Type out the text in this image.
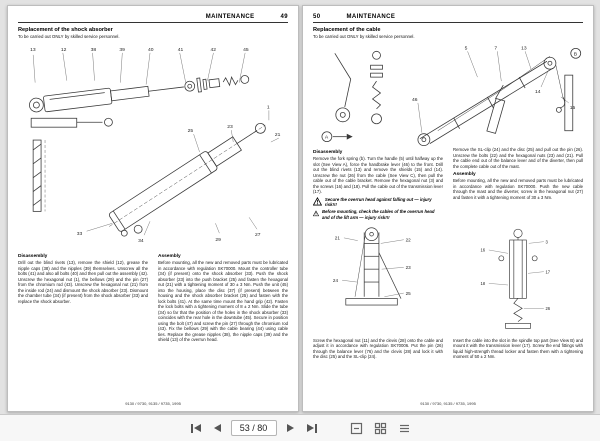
MAINTENANCE	49
Replacement of the shock absorber
To be carried out ONLY by skilled service personnel.
13	12	38	39	40	41	42	45
1
21
23
25
27
29
33
34
Disassembly
Drill out the blind rivets (13), remove the shield (12), grease the nipple caps (38) and the nipples (39) themselves. Unscrew all the bolts (41) and also all bolts (40) and then pull out the assembly (42). Unscrew the hexagonal nut (1), the bellows (29) and the pin (27) from the chromium rod (43). Unscrew the hexagonal nut (21) from the inside rod (24) and dismount the shock absorber (23). Dismount the chamber tube (34) (if present) from the shock absorber (33) and replace the shock absorber.
Assembly
Before mounting, all the new and removed parts must be lubricated in accordance with regulation SK70000. Mount the controller tube (34) (if present) onto the shock absorber (33). Push the shock absorber (23) into the push bracket (25) and fasten the hexagonal nut (21) with a tightening moment of 30 ± 3 Nm. Push the unit (45) into the housing, place the disc (37) (if present) between the housing and the shock absorber bracket (25) and fasten with the lock bolts (41). At the same time mount the hand grip (42). Fasten the lock bolts with a tightening moment of 8 ± 2 Nm. Slide the tube (34) so far that the position of the holes in the shock absorber (33) coincides with the rear hole in the downtube (45). Secure in position using the bolt (47) and screw the pin (27) through the chromium rod (43). Fix the bellows (29) with the cable bearing (44) using cable ties. Replace the grease nipples (38), the nipple caps (39) and the shield (13) of the overrun head.
9130 / 9730, 9135 / 9735, 1995
50	MAINTENANCE
Replacement of the cable
To be carried out ONLY by skilled service personnel.
A
5	7	13
14
15
46
B
Disassembly
Remove the fork spring (b). Turn the handle (5) until halfway up the slot (See View A), force the handbrake lever (46) to the front. Drill out the blind rivets (13) and remove the shields (15) and (14). Unscrew the nut (26) from the cable (See View C), then pull the cable out of the cable bracket. Remove the hexagonal nut (3) and the screws (16) and (18). Pull the cable out of the transmission lever (17).
Secure the overrun head against falling out — injury risk!!!
Before mounting, check the cables of the overrun head and of the lift arm — injury risk!!!
Remove the SL-clip (24) and the disc (25) and pull out the pin (26). Unscrew the bolts (22) and the hexagonal nuts (23) and (21). Pull the cable end out of the balance lever and of the diverter, then pull the complete cable out of the mast.
Assembly
Before mounting, all the new and removed parts must be lubricated in accordance with regulation SK70000. Push the new cable through the mast and the diverter, screw in the hexagonal nut (27) and fasten it with a tightening moment of 30 ± 3 Nm.
21	22
23
24
25
3
16
17
18
26
Screw the hexagonal nut (11) and the clevis (28) onto the cable and adjust it in accordance with regulation SK70006. Put the pin (26) through the balance lever (76) and the clevis (28) and lock it with the disc (25) and the SL-clip (24).
Insert the cable into the slot in the spindle top part (See View B) and mount it with the transmission lever (17). Screw the end fittings with liquid high-strength thread locker and fasten them with a tightening moment of 50 ± 2 Nm.
9130 / 9730, 9135 / 9735, 1995
53 / 80
